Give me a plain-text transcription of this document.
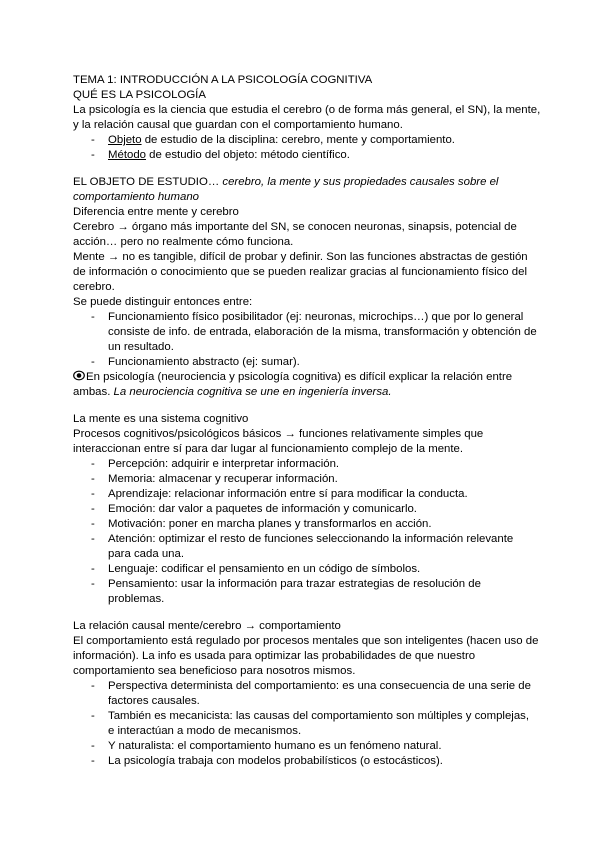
TEMA 1: INTRODUCCIÓN A LA PSICOLOGÍA COGNITIVA
QUÉ ES LA PSICOLOGÍA
La psicología es la ciencia que estudia el cerebro (o de forma más general, el SN), la mente,
y la relación causal que guardan con el comportamiento humano.
- Objeto de estudio de la disciplina: cerebro, mente y comportamiento.
- Método de estudio del objeto: método científico.
EL OBJETO DE ESTUDIO… cerebro, la mente y sus propiedades causales sobre el
comportamiento humano
Diferencia entre mente y cerebro
Cerebro → órgano más importante del SN, se conocen neuronas, sinapsis, potencial de
acción… pero no realmente cómo funciona.
Mente → no es tangible, difícil de probar y definir. Son las funciones abstractas de gestión
de información o conocimiento que se pueden realizar gracias al funcionamiento físico del
cerebro.
Se puede distinguir entonces entre:
- Funcionamiento físico posibilitador (ej: neuronas, microchips…) que por lo general
consiste de info. de entrada, elaboración de la misma, transformación y obtención de
un resultado.
- Funcionamiento abstracto (ej: sumar).
En psicología (neurociencia y psicología cognitiva) es difícil explicar la relación entre
ambas. La neurociencia cognitiva se une en ingeniería inversa.
La mente es una sistema cognitivo
Procesos cognitivos/psicológicos básicos → funciones relativamente simples que
interaccionan entre sí para dar lugar al funcionamiento complejo de la mente.
- Percepción: adquirir e interpretar información.
- Memoria: almacenar y recuperar información.
- Aprendizaje: relacionar información entre sí para modificar la conducta.
- Emoción: dar valor a paquetes de información y comunicarlo.
- Motivación: poner en marcha planes y transformarlos en acción.
- Atención: optimizar el resto de funciones seleccionando la información relevante
para cada una.
- Lenguaje: codificar el pensamiento en un código de símbolos.
- Pensamiento: usar la información para trazar estrategias de resolución de
problemas.
La relación causal mente/cerebro → comportamiento
El comportamiento está regulado por procesos mentales que son inteligentes (hacen uso de
información). La info es usada para optimizar las probabilidades de que nuestro
comportamiento sea beneficioso para nosotros mismos.
- Perspectiva determinista del comportamiento: es una consecuencia de una serie de
factores causales.
- También es mecanicista: las causas del comportamiento son múltiples y complejas,
e interactúan a modo de mecanismos.
- Y naturalista: el comportamiento humano es un fenómeno natural.
- La psicología trabaja con modelos probabilísticos (o estocásticos).
